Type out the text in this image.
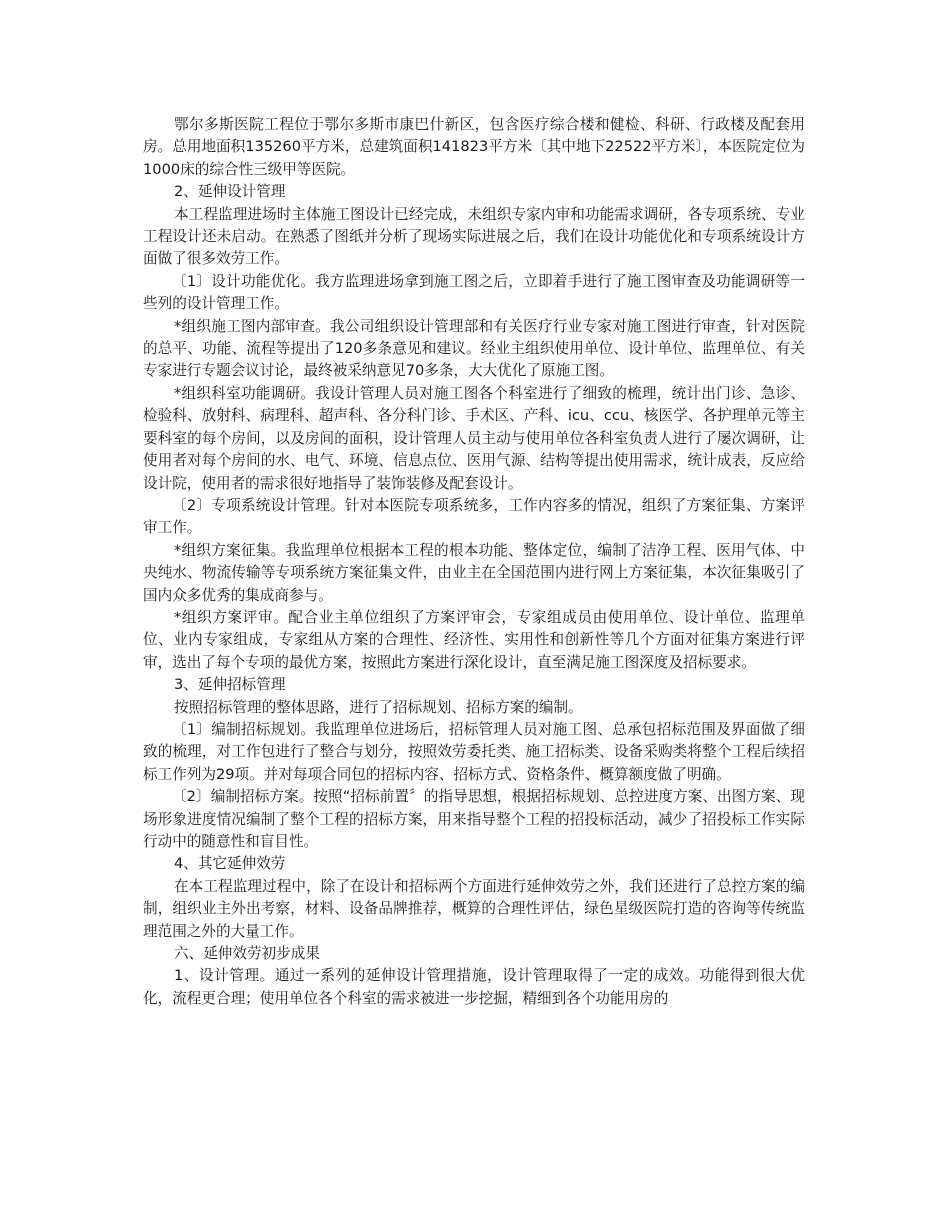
鄂尔多斯医院工程位于鄂尔多斯市康巴什新区，包含医疗综合楼和健检、科研、行政楼及配套用房。总用地面积135260平方米，总建筑面积141823平方米〔其中地下22522平方米〕，本医院定位为1000床的综合性三级甲等医院。

2、延伸设计管理

本工程监理进场时主体施工图设计已经完成，未组织专家内审和功能需求调研，各专项系统、专业工程设计还未启动。在熟悉了图纸并分析了现场实际进展之后，我们在设计功能优化和专项系统设计方面做了很多效劳工作。

〔1〕设计功能优化。我方监理进场拿到施工图之后，立即着手进行了施工图审查及功能调研等一些列的设计管理工作。

*组织施工图内部审查。我公司组织设计管理部和有关医疗行业专家对施工图进行审查，针对医院的总平、功能、流程等提出了120多条意见和建议。经业主组织使用单位、设计单位、监理单位、有关专家进行专题会议讨论，最终被采纳意见70多条，大大优化了原施工图。

*组织科室功能调研。我设计管理人员对施工图各个科室进行了细致的梳理，统计出门诊、急诊、检验科、放射科、病理科、超声科、各分科门诊、手术区、产科、icu、ccu、核医学、各护理单元等主要科室的每个房间，以及房间的面积，设计管理人员主动与使用单位各科室负责人进行了屡次调研，让使用者对每个房间的水、电气、环境、信息点位、医用气源、结构等提出使用需求，统计成表，反应给设计院，使用者的需求很好地指导了装饰装修及配套设计。

〔2〕专项系统设计管理。针对本医院专项系统多，工作内容多的情况，组织了方案征集、方案评审工作。

*组织方案征集。我监理单位根据本工程的根本功能、整体定位，编制了洁净工程、医用气体、中央纯水、物流传输等专项系统方案征集文件，由业主在全国范围内进行网上方案征集，本次征集吸引了国内众多优秀的集成商参与。

*组织方案评审。配合业主单位组织了方案评审会，专家组成员由使用单位、设计单位、监理单位、业内专家组成，专家组从方案的合理性、经济性、实用性和创新性等几个方面对征集方案进行评审，选出了每个专项的最优方案，按照此方案进行深化设计，直至满足施工图深度及招标要求。

3、延伸招标管理

按照招标管理的整体思路，进行了招标规划、招标方案的编制。

〔1〕编制招标规划。我监理单位进场后，招标管理人员对施工图、总承包招标范围及界面做了细致的梳理，对工作包进行了整合与划分，按照效劳委托类、施工招标类、设备采购类将整个工程后续招标工作列为29项。并对每项合同包的招标内容、招标方式、资格条件、概算额度做了明确。

〔2〕编制招标方案。按照“招标前置〞的指导思想，根据招标规划、总控进度方案、出图方案、现场形象进度情况编制了整个工程的招标方案，用来指导整个工程的招投标活动，减少了招投标工作实际行动中的随意性和盲目性。

4、其它延伸效劳

在本工程监理过程中，除了在设计和招标两个方面进行延伸效劳之外，我们还进行了总控方案的编制，组织业主外出考察，材料、设备品牌推荐，概算的合理性评估，绿色星级医院打造的咨询等传统监理范围之外的大量工作。

六、延伸效劳初步成果

1、设计管理。通过一系列的延伸设计管理措施，设计管理取得了一定的成效。功能得到很大优化，流程更合理；使用单位各个科室的需求被进一步挖掘，精细到各个功能用房的
